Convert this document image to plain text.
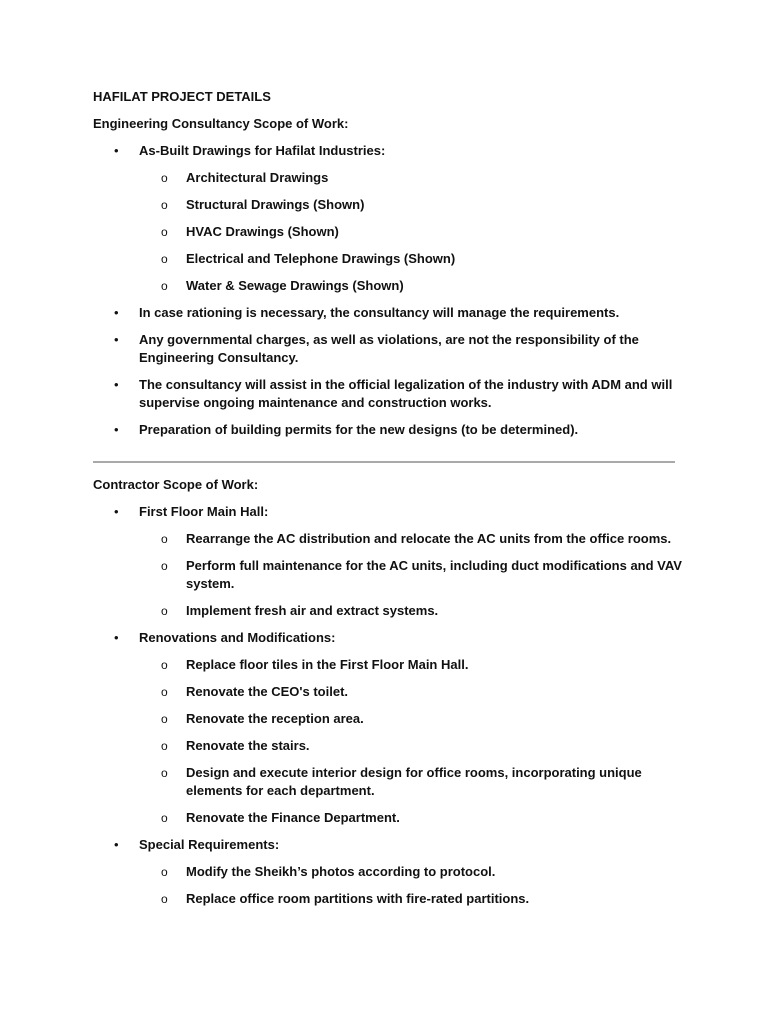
HAFILAT PROJECT DETAILS
Engineering Consultancy Scope of Work:
• As-Built Drawings for Hafilat Industries:
o Architectural Drawings
o Structural Drawings (Shown)
o HVAC Drawings (Shown)
o Electrical and Telephone Drawings (Shown)
o Water & Sewage Drawings (Shown)
• In case rationing is necessary, the consultancy will manage the requirements.
• Any governmental charges, as well as violations, are not the responsibility of the Engineering Consultancy.
• The consultancy will assist in the official legalization of the industry with ADM and will supervise ongoing maintenance and construction works.
• Preparation of building permits for the new designs (to be determined).
Contractor Scope of Work:
• First Floor Main Hall:
o Rearrange the AC distribution and relocate the AC units from the office rooms.
o Perform full maintenance for the AC units, including duct modifications and VAV system.
o Implement fresh air and extract systems.
• Renovations and Modifications:
o Replace floor tiles in the First Floor Main Hall.
o Renovate the CEO's toilet.
o Renovate the reception area.
o Renovate the stairs.
o Design and execute interior design for office rooms, incorporating unique elements for each department.
o Renovate the Finance Department.
• Special Requirements:
o Modify the Sheikh’s photos according to protocol.
o Replace office room partitions with fire-rated partitions.
